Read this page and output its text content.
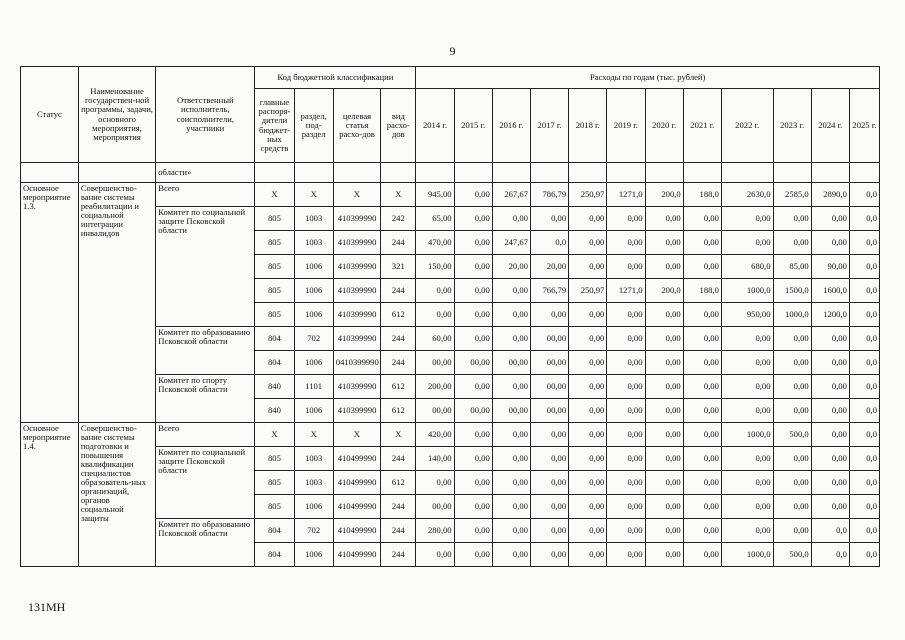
9
Статус	Наименование государствен-ной программы, задачи, основного мероприятия, мероприятия	Ответственный исполнитель, соисполнители, участники	Код бюджетной классификации				Расходы по годам (тыс. рублей)											
			главные распоря-дители бюджет-ных средств	раздел, под-раздел	целевая статья расхо-дов	вид расхо-дов	2014 г.	2015 г.	2016 г.	2017 г.	2018 г.	2019 г.	2020 г.	2021 г.	2022 г.	2023 г.	2024 г.	2025 г.
		области»																
Основное мероприятие 1.3.	Совершенство-вание системы реабилитации и социальной интеграции инвалидов	Всего	X	X	X	X	945,00	0,00	267,67	786,79	250,97	1271,0	200,0	188,0	2630,0	2585,0	2890,0	0,0
		Комитет по социальной защите Псковской области	805	1003	410399990	242	65,00	0,00	0,00	0,00	0,00	0,00	0,00	0,00	0,00	0,00	0,00	0,0
			805	1003	410399990	244	470,00	0,00	247,67	0,0	0,00	0,00	0,00	0,00	0,00	0,00	0,00	0,0
			805	1006	410399990	321	150,00	0,00	20,00	20,00	0,00	0,00	0,00	0,00	680,0	85,00	90,00	0,0
			805	1006	410399990	244	0,00	0,00	0,00	766,79	250,97	1271,0	200,0	188,0	1000,0	1500,0	1600,0	0,0
			805	1006	410399990	612	0,00	0,00	0,00	0,00	0,00	0,00	0,00	0,00	950,00	1000,0	1200,0	0,0
		Комитет по образованию Псковской области	804	702	410399990	244	60,00	0,00	0,00	00,00	0,00	0,00	0,00	0,00	0,00	0,00	0,00	0,0
			804	1006	0410399990	244	00,00	00,00	00,00	00,00	0,00	0,00	0,00	0,00	0,00	0,00	0,00	0,0
		Комитет по спорту Псковской области	840	1101	410399990	612	200,00	0,00	0,00	00,00	0,00	0,00	0,00	0,00	0,00	0,00	0,00	0,0
			840	1006	410399990	612	00,00	00,00	00,00	00,00	0,00	0,00	0,00	0,00	0,00	0,00	0,00	0,0
Основное мероприятие 1.4.	Совершенство-вание системы подготовки и повышения квалификации специалистов образователь-ных организаций, органов социальной защиты	Всего	X	X	X	X	420,00	0,00	0,00	0,00	0,00	0,00	0,00	0,00	1000,0	500,0	0,00	0,0
		Комитет по социальной защите Псковской области	805	1003	410499990	244	140,00	0,00	0,00	0,00	0,00	0,00	0,00	0,00	0,00	0,00	0,00	0,0
			805	1003	410499990	612	0,00	0,00	0,00	0,00	0,00	0,00	0,00	0,00	0,00	0,00	0,00	0,0
			805	1006	410499990	244	00,00	0,00	0,00	0,00	0,00	0,00	0,00	0,00	0,00	0,00	0,00	0,0
		Комитет по образованию Псковской области	804	702	410499990	244	280,00	0,00	0,00	0,00	0,00	0,00	0,00	0,00	0,00	0,00	0,0	0,0
			804	1006	410499990	244	0,00	0,00	0,00	0,00	0,00	0,00	0,00	0,00	1000,0	500,0	0,0	0,0
131МН
